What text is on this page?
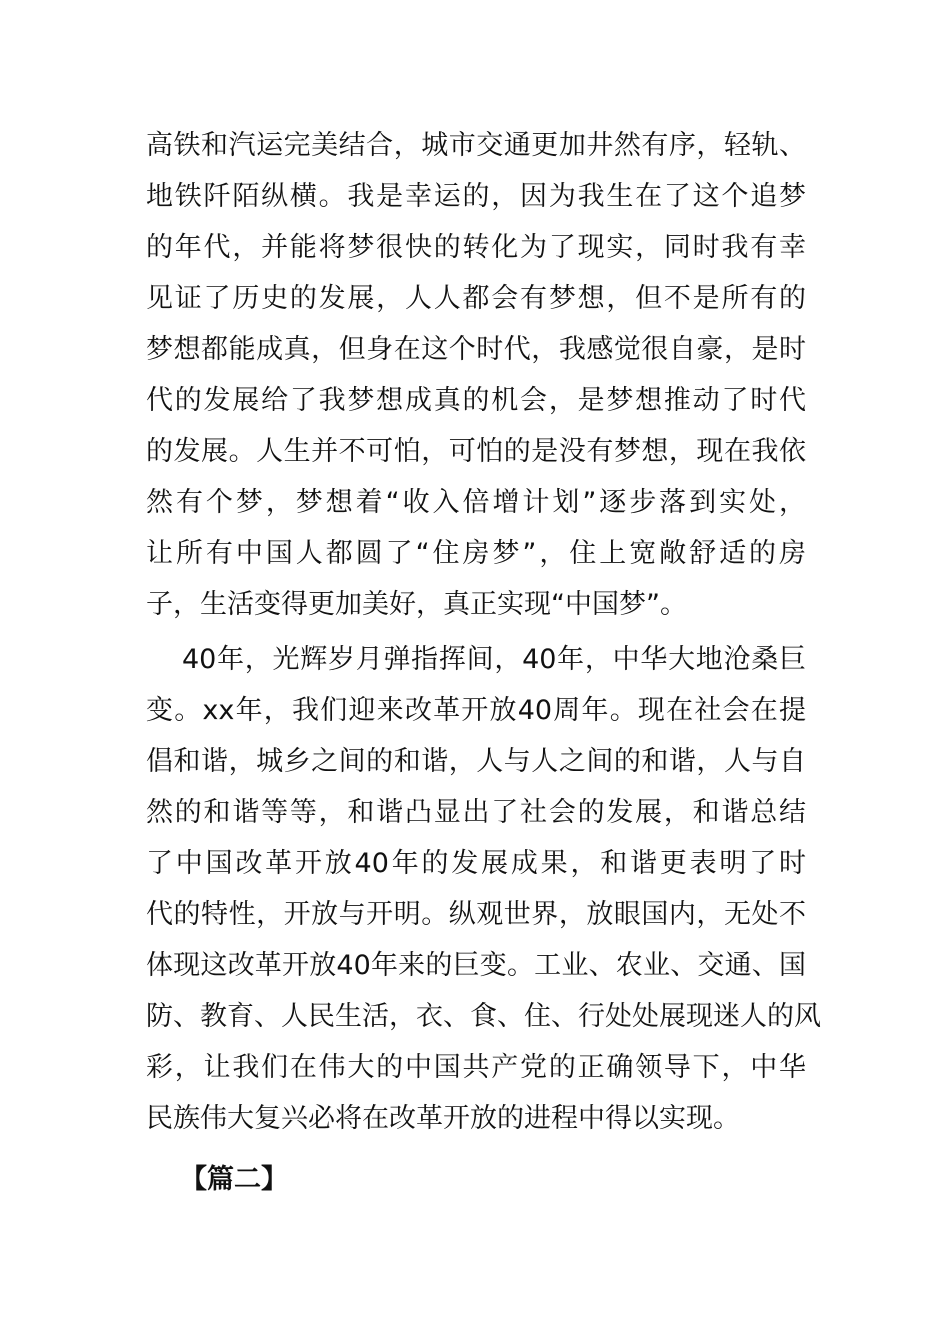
高铁和汽运完美结合，城市交通更加井然有序，轻轨、
地铁阡陌纵横。我是幸运的，因为我生在了这个追梦
的年代，并能将梦很快的转化为了现实，同时我有幸
见证了历史的发展，人人都会有梦想，但不是所有的
梦想都能成真，但身在这个时代，我感觉很自豪，是时
代的发展给了我梦想成真的机会，是梦想推动了时代
的发展。人生并不可怕，可怕的是没有梦想，现在我依
然有个梦，梦想着“收入倍增计划”逐步落到实处，
让所有中国人都圆了“住房梦”，住上宽敞舒适的房
子，生活变得更加美好，真正实现“中国梦”。
40年，光辉岁月弹指挥间，40年，中华大地沧桑巨
变。xx年，我们迎来改革开放40周年。现在社会在提
倡和谐，城乡之间的和谐，人与人之间的和谐，人与自
然的和谐等等，和谐凸显出了社会的发展，和谐总结
了中国改革开放40年的发展成果，和谐更表明了时
代的特性，开放与开明。纵观世界，放眼国内，无处不
体现这改革开放40年来的巨变。工业、农业、交通、国
防、教育、人民生活，衣、食、住、行处处展现迷人的风
彩，让我们在伟大的中国共产党的正确领导下，中华
民族伟大复兴必将在改革开放的进程中得以实现。
【篇二】
